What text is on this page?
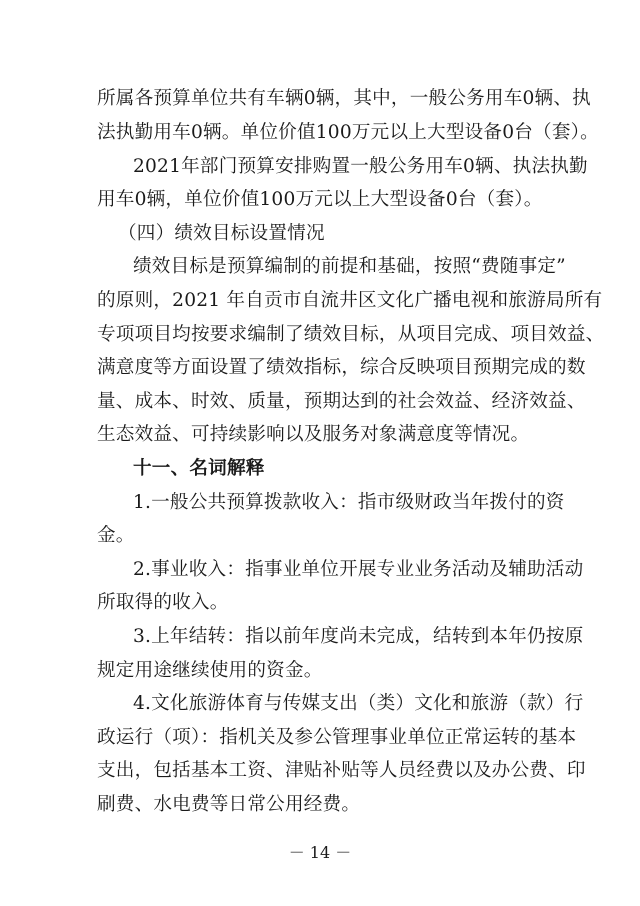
所属各预算单位共有车辆0辆，其中，一般公务用车0辆、执
法执勤用车0辆。单位价值100万元以上大型设备0台（套）。
2021年部门预算安排购置一般公务用车0辆、执法执勤
用车0辆，单位价值100万元以上大型设备0台（套）。
（四）绩效目标设置情况
绩效目标是预算编制的前提和基础，按照“费随事定”
的原则，2021 年自贡市自流井区文化广播电视和旅游局所有
专项项目均按要求编制了绩效目标，从项目完成、项目效益、
满意度等方面设置了绩效指标，综合反映项目预期完成的数
量、成本、时效、质量，预期达到的社会效益、经济效益、
生态效益、可持续影响以及服务对象满意度等情况。
十一、名词解释
1.一般公共预算拨款收入：指市级财政当年拨付的资
金。
2.事业收入：指事业单位开展专业业务活动及辅助活动
所取得的收入。
3.上年结转：指以前年度尚未完成，结转到本年仍按原
规定用途继续使用的资金。
4.文化旅游体育与传媒支出（类）文化和旅游（款）行
政运行（项）：指机关及参公管理事业单位正常运转的基本
支出，包括基本工资、津贴补贴等人员经费以及办公费、印
刷费、水电费等日常公用经费。
－ 14 －
